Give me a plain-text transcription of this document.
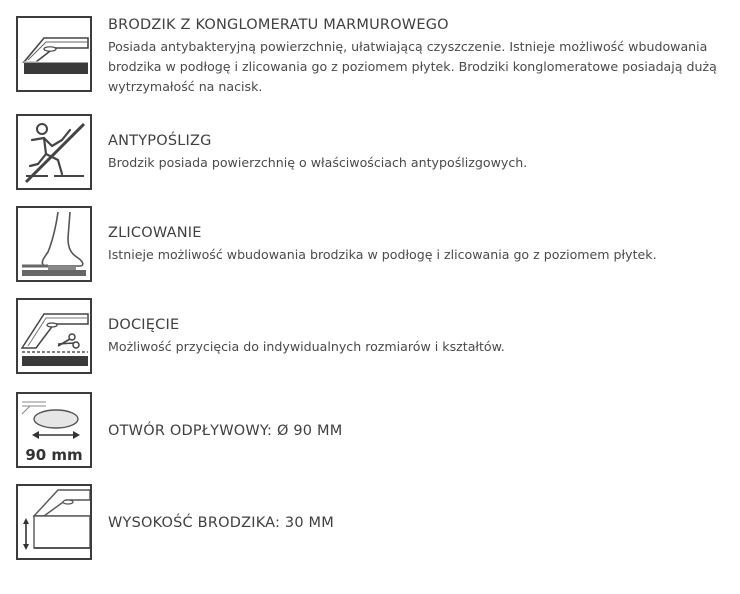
BRODZIK Z KONGLOMERATU MARMUROWEGO

Posiada antybakteryjną powierzchnię, ułatwiającą czyszczenie. Istnieje możliwość wbudowania brodzika w podłogę i zlicowania go z poziomem płytek. Brodziki konglomeratowe posiadają dużą wytrzymałość na nacisk.

ANTYPOŚLIZG

Brodzik posiada powierzchnię o właściwościach antypoślizgowych.

ZLICOWANIE

Istnieje możliwość wbudowania brodzika w podłogę i zlicowania go z poziomem płytek.

DOCIĘCIE

Możliwość przycięcia do indywidualnych rozmiarów i kształtów.

90 mm
OTWÓR ODPŁYWOWY: Ø 90 MM
WYSOKOŚĆ BRODZIKA: 30 MM
